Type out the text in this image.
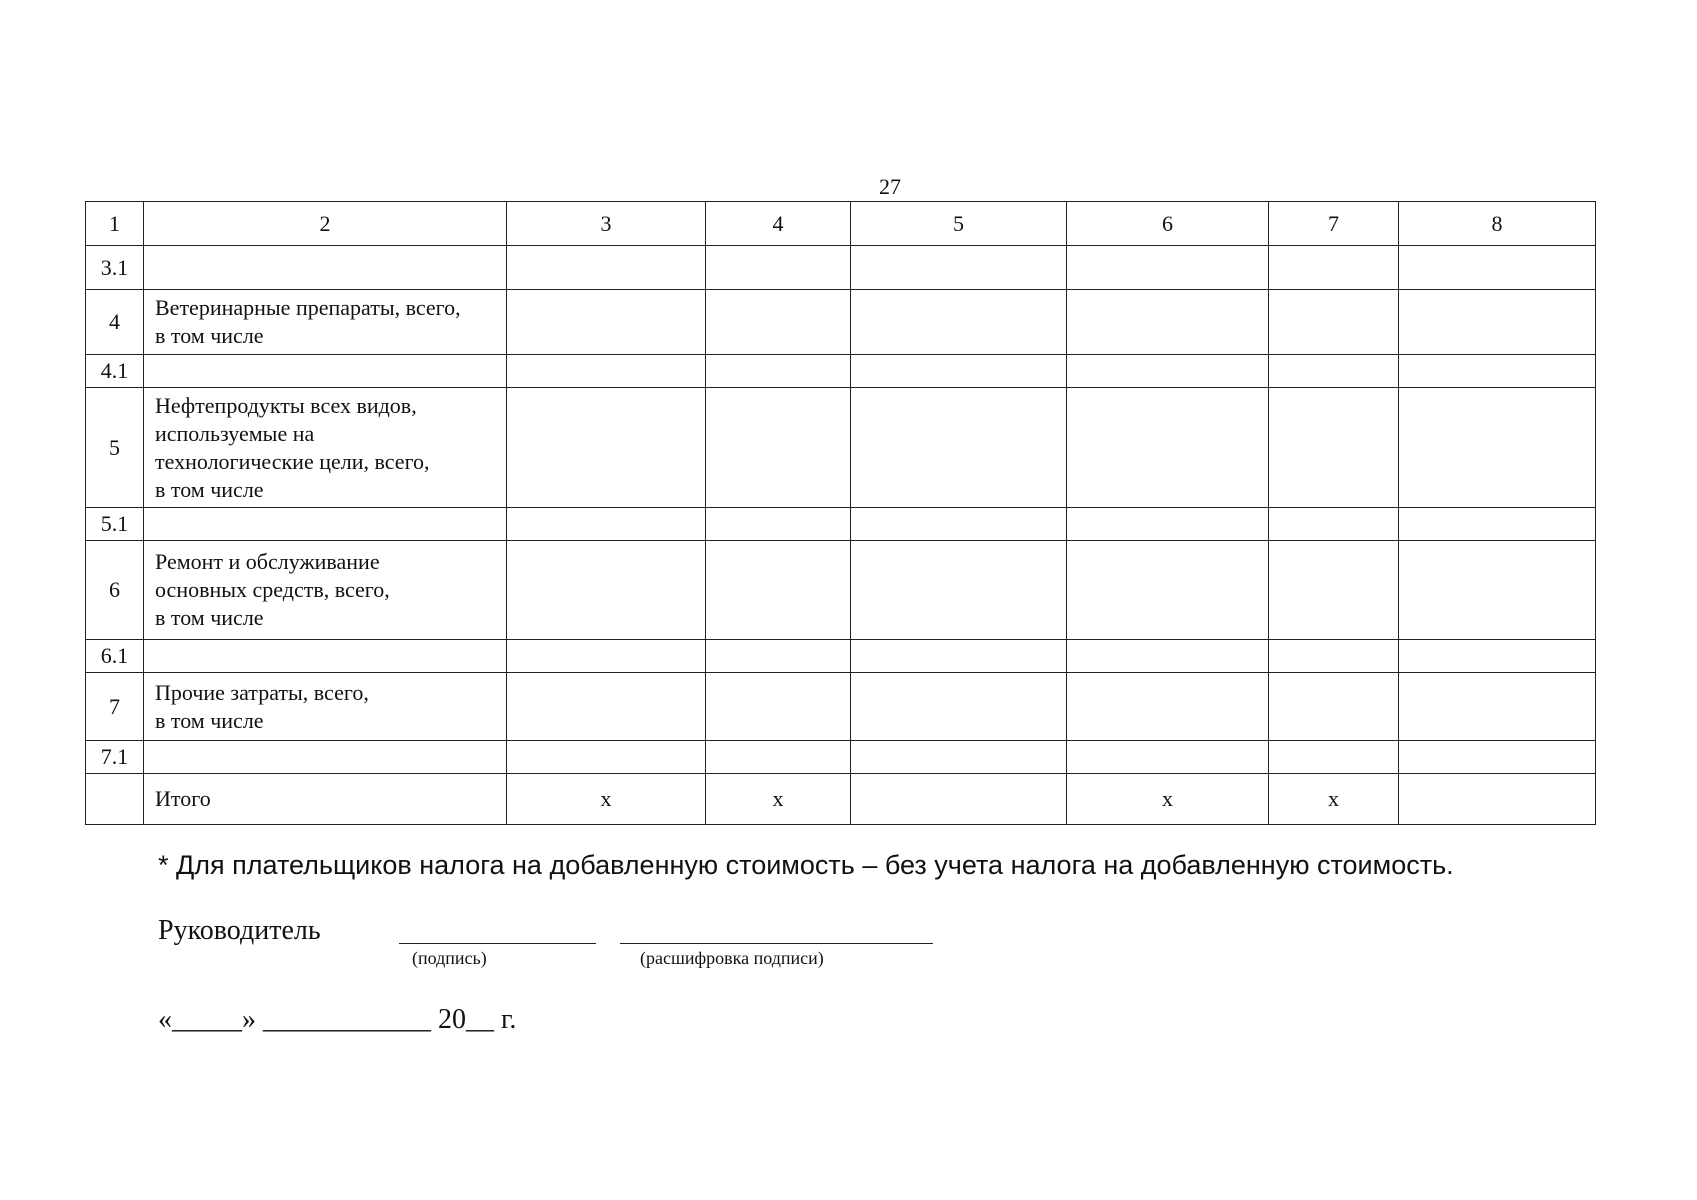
27
1	2	3	4	5	6	7	8
3.1							
4	Ветеринарные препараты, всего,
в том числе						

4.1							
5	Нефтепродукты всех видов,
используемые на
технологические цели, всего,
в том числе						

5.1							
6	Ремонт и обслуживание
основных средств, всего,
в том числе						

6.1							
7	Прочие затраты, всего,
в том числе						

7.1							

	Итого	x	x		x	x	
* Для плательщиков налога на добавленную стоимость – без учета налога на добавленную стоимость.
Руководитель
(подпись)	(расшифровка подписи)
«_____» ____________ 20__ г.
